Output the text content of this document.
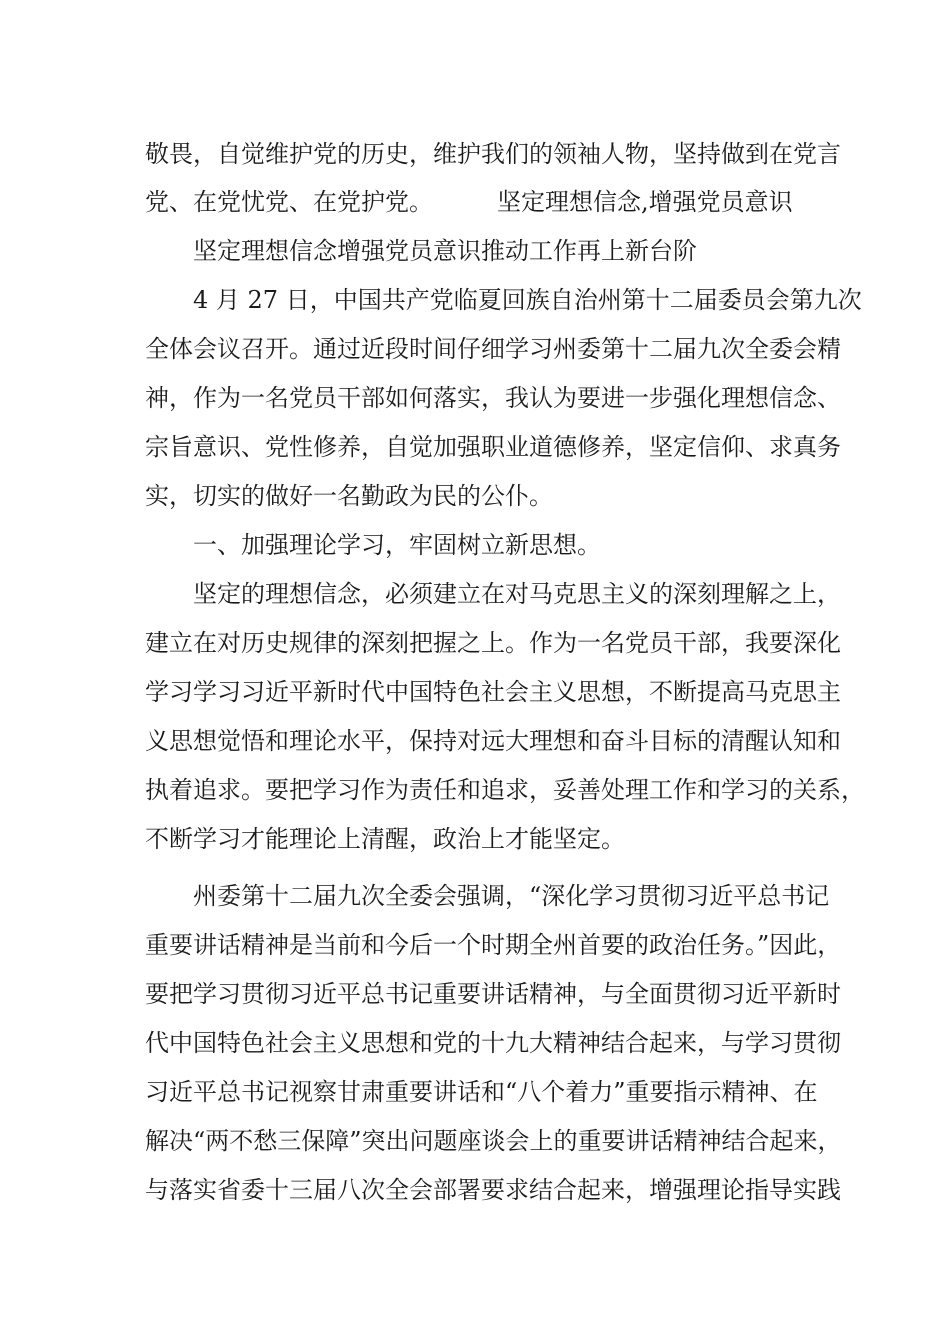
敬畏，自觉维护党的历史，维护我们的领袖人物，坚持做到在党言
党、在党忧党、在党护党。	坚定理想信念,增强党员意识
坚定理想信念增强党员意识推动工作再上新台阶
4 月 27 日，中国共产党临夏回族自治州第十二届委员会第九次
全体会议召开。通过近段时间仔细学习州委第十二届九次全委会精
神，作为一名党员干部如何落实，我认为要进一步强化理想信念、
宗旨意识、党性修养，自觉加强职业道德修养，坚定信仰、求真务
实，切实的做好一名勤政为民的公仆。
一、加强理论学习，牢固树立新思想。
坚定的理想信念，必须建立在对马克思主义的深刻理解之上，
建立在对历史规律的深刻把握之上。作为一名党员干部，我要深化
学习学习习近平新时代中国特色社会主义思想，不断提高马克思主
义思想觉悟和理论水平，保持对远大理想和奋斗目标的清醒认知和
执着追求。要把学习作为责任和追求，妥善处理工作和学习的关系，
不断学习才能理论上清醒，政治上才能坚定。
州委第十二届九次全委会强调，“深化学习贯彻习近平总书记
重要讲话精神是当前和今后一个时期全州首要的政治任务。”因此，
要把学习贯彻习近平总书记重要讲话精神，与全面贯彻习近平新时
代中国特色社会主义思想和党的十九大精神结合起来，与学习贯彻
习近平总书记视察甘肃重要讲话和“八个着力”重要指示精神、在
解决“两不愁三保障”突出问题座谈会上的重要讲话精神结合起来，
与落实省委十三届八次全会部署要求结合起来，增强理论指导实践
